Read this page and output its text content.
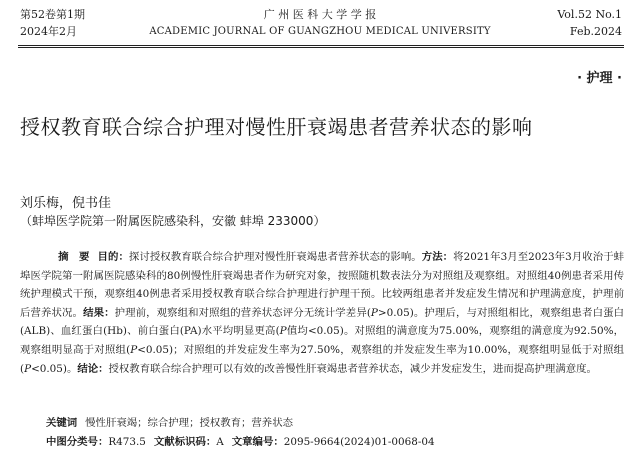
第52卷第1期
2024年2月
广 州 医 科 大 学 学 报
ACADEMIC JOURNAL OF GUANGZHOU MEDICAL UNIVERSITY
Vol.52 No.1
Feb.2024
· 护理 ·
授权教育联合综合护理对慢性肝衰竭患者营养状态的影响
刘乐梅，倪书佳
（蚌埠医学院第一附属医院感染科，安徽 蚌埠 233000）
摘　要 目的：探讨授权教育联合综合护理对慢性肝衰竭患者营养状态的影响。方法：将2021年3月至2023年3月收治于蚌埠医学院第一附属医院感染科的80例慢性肝衰竭患者作为研究对象，按照随机数表法分为对照组及观察组。对照组40例患者采用传统护理模式干预，观察组40例患者采用授权教育联合综合护理进行护理干预。比较两组患者并发症发生情况和护理满意度，护理前后营养状况。结果：护理前，观察组和对照组的营养状态评分无统计学差异(P>0.05)。护理后，与对照组相比，观察组患者白蛋白(ALB)、血红蛋白(Hb)、前白蛋白(PA)水平均明显更高(P值均<0.05)。对照组的满意度为75.00%，观察组的满意度为92.50%，观察组明显高于对照组(P<0.05)；对照组的并发症发生率为27.50%，观察组的并发症发生率为10.00%，观察组明显低于对照组(P<0.05)。结论：授权教育联合综合护理可以有效的改善慢性肝衰竭患者营养状态，减少并发症发生，进而提高护理满意度。
关键词 慢性肝衰竭；综合护理；授权教育；营养状态
中图分类号：R473.5 文献标识码：A 文章编号：2095-9664(2024)01-0068-04
